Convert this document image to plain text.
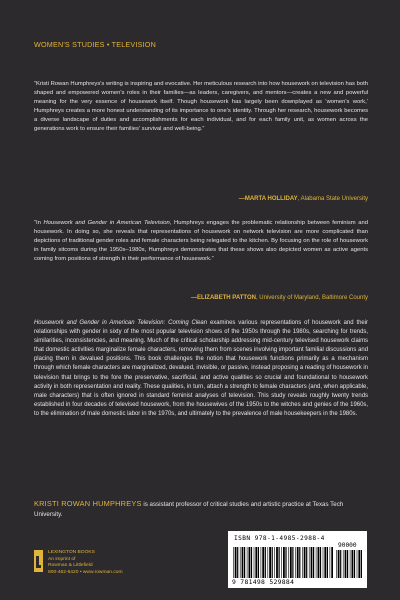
WOMEN'S STUDIES • TELEVISION

“Kristi Rowan Humphreys's writing is inspiring and evocative. Her meticulous research into how housework on television has both shaped and empowered women's roles in their families—as leaders, caregivers, and mentors—creates a new and powerful meaning for the very essence of housework itself. Though housework has largely been downplayed as ‘women's work,’ Humphreys creates a more honest understanding of its importance to one's identity. Through her research, housework becomes a diverse landscape of duties and accomplishments for each individual, and for each family unit, as women across the generations work to ensure their families' survival and well-being.”

—MARTA HOLLIDAY, Alabama State University

“In Housework and Gender in American Television, Humphreys engages the problematic relationship between feminism and housework. In doing so, she reveals that representations of housework on network television are more complicated than depictions of traditional gender roles and female characters being relegated to the kitchen. By focusing on the role of housework in family sitcoms during the 1950s–1980s, Humphreys demonstrates that these shows also depicted women as active agents coming from positions of strength in their performance of housework.”

—ELIZABETH PATTON, University of Maryland, Baltimore County

Housework and Gender in American Television: Coming Clean examines various representations of housework and their relationships with gender in sixty of the most popular television shows of the 1950s through the 1980s, searching for trends, similarities, inconsistencies, and meaning. Much of the critical scholarship addressing mid-century televised housework claims that domestic activities marginalize female characters, removing them from scenes involving important familial discussions and placing them in devalued positions. This book challenges the notion that housework functions primarily as a mechanism through which female characters are marginalized, devalued, invisible, or passive, instead proposing a reading of housework in television that brings to the fore the preservative, sacrificial, and active qualities so crucial and foundational to housework activity in both representation and reality. These qualities, in turn, attach a strength to female characters (and, when applicable, male characters) that is often ignored in standard feminist analyses of television. This study reveals roughly twenty trends established in four decades of televised housework, from the housewives of the 1950s to the witches and genies of the 1960s, to the elimination of male domestic labor in the 1970s, and ultimately to the prevalence of male housekeepers in the 1980s.

KRISTI ROWAN HUMPHREYS is assistant professor of critical studies and artistic practice at Texas Tech University.

LEXINGTON BOOKS
An imprint of
Rowman & Littlefield
800-462-6420 • www.rowman.com
ISBN 978-1-4985-2988-4
90000
9 781498 529884
